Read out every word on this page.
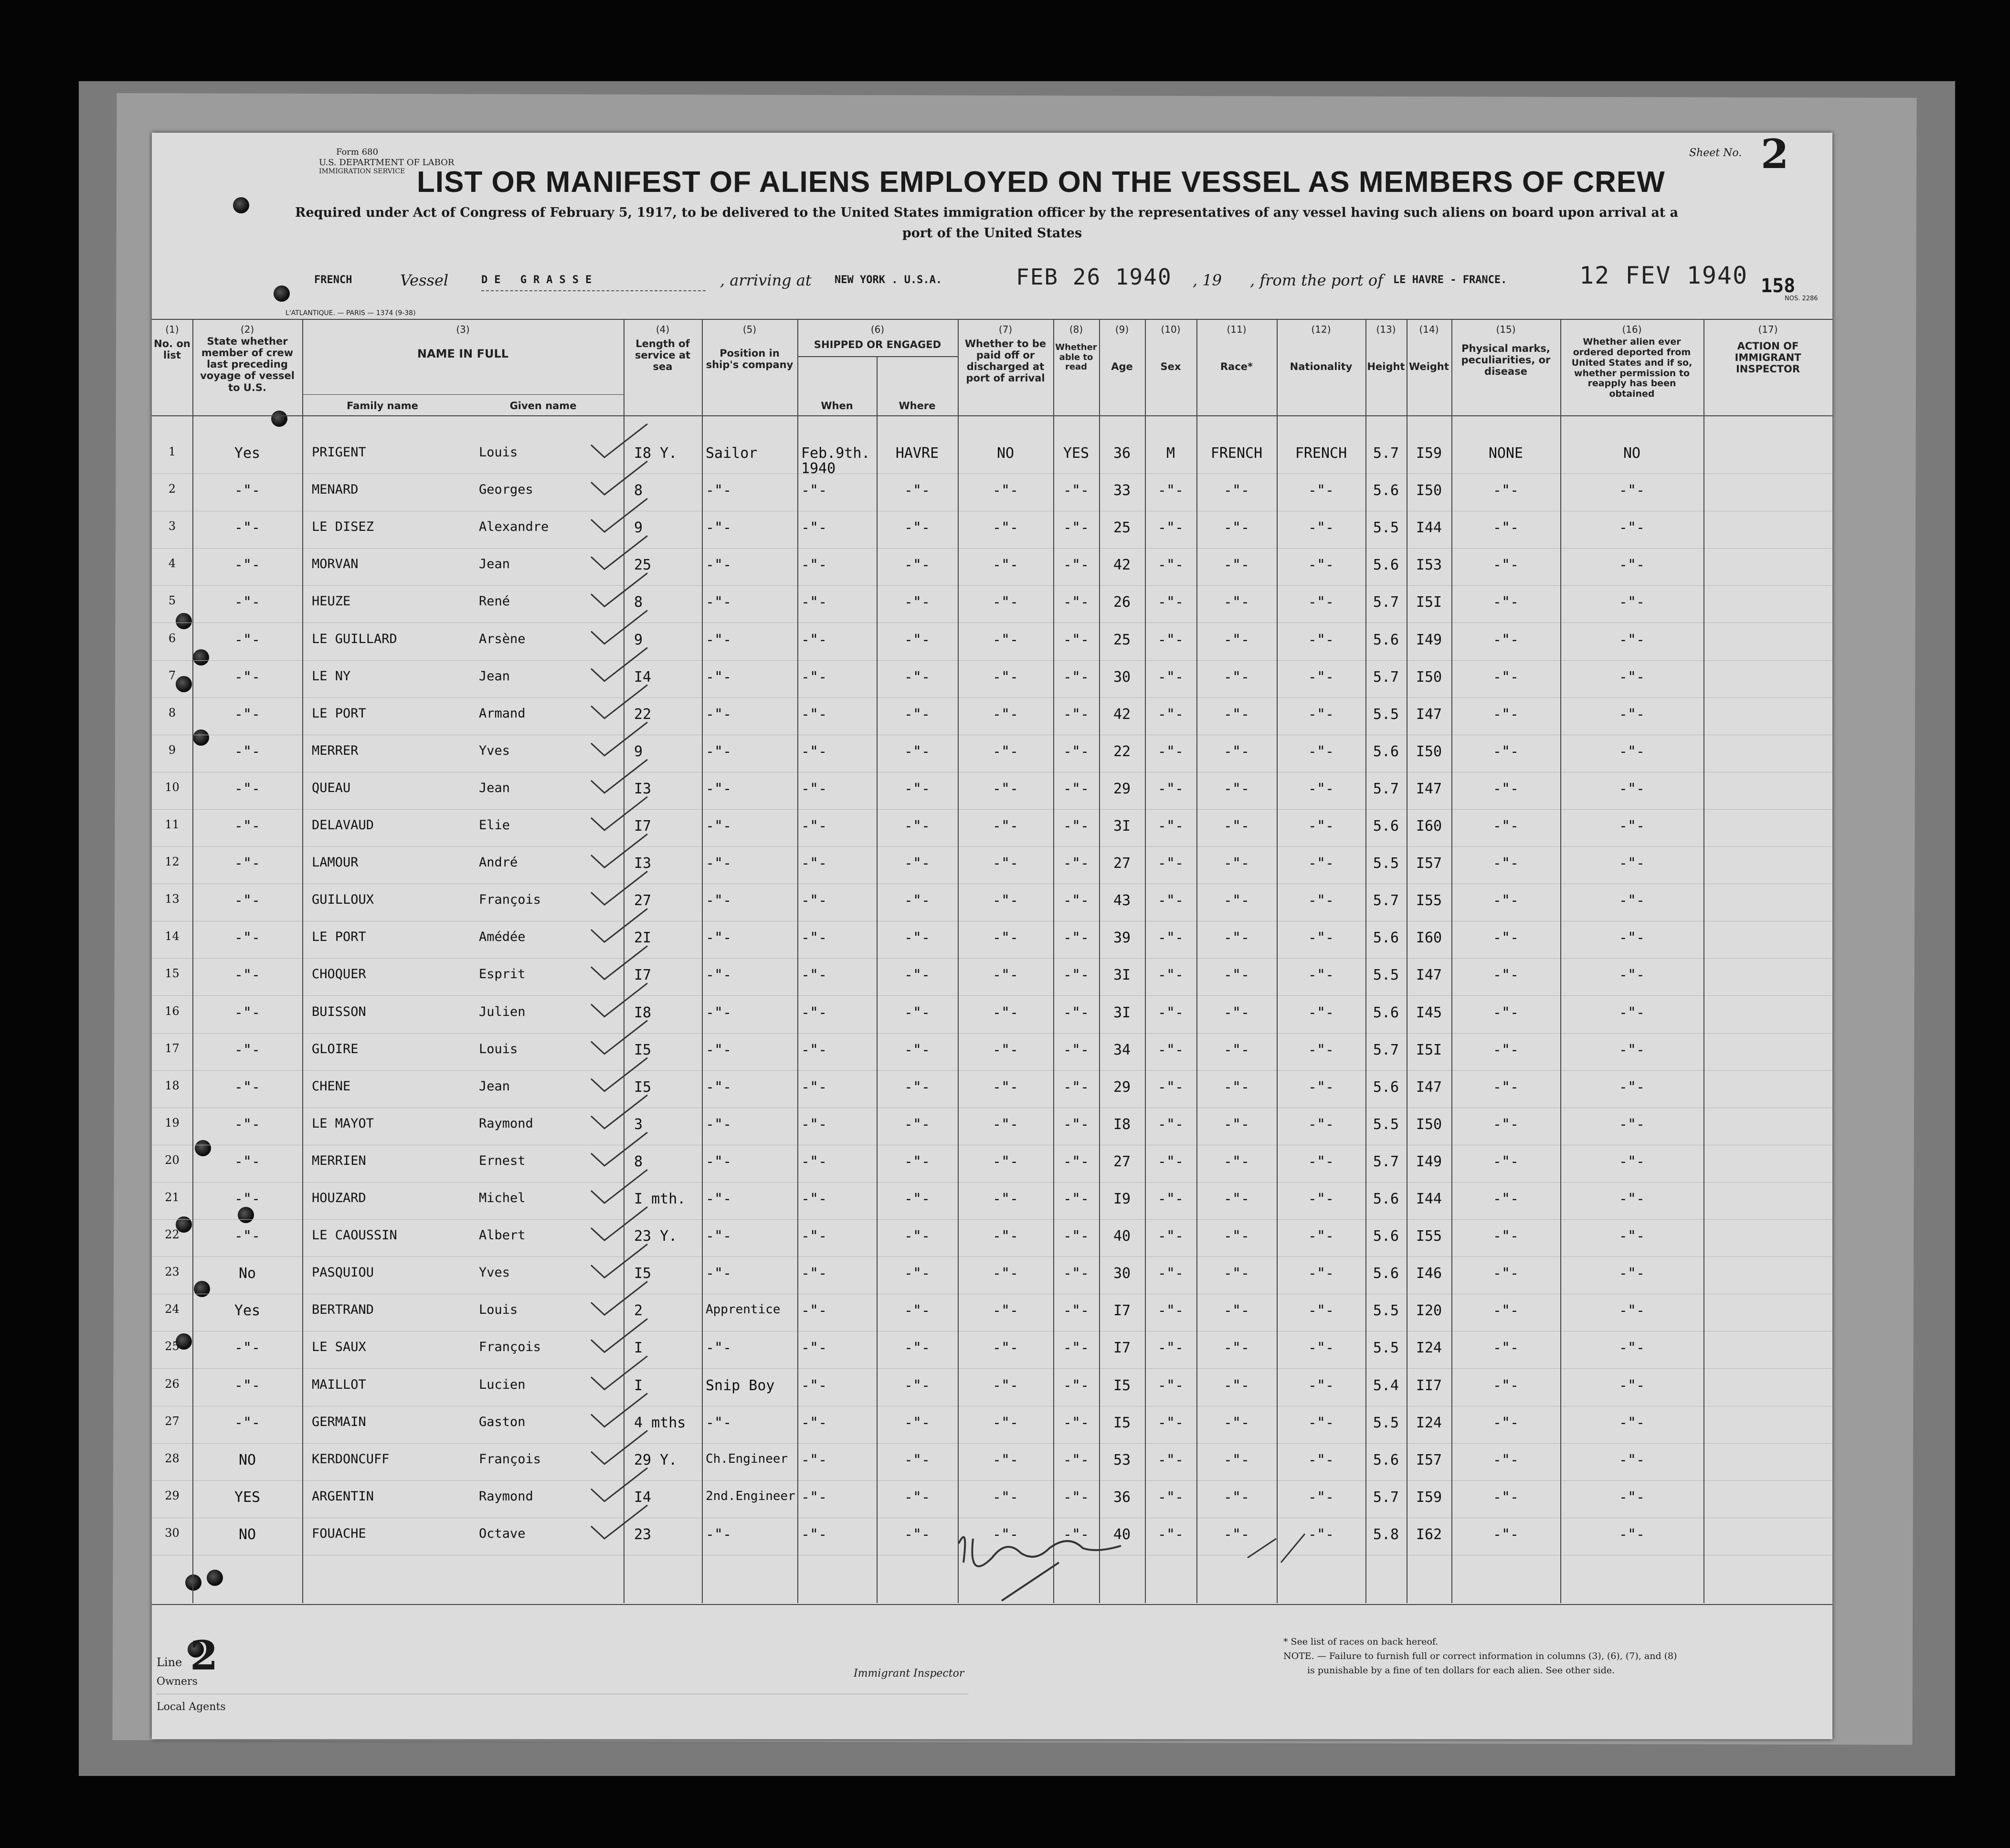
Form 680
U.S. DEPARTMENT OF LABOR
IMMIGRATION SERVICE
Sheet No. 2
LIST OR MANIFEST OF ALIENS EMPLOYED ON THE VESSEL AS MEMBERS OF CREW
Required under Act of Congress of February 5, 1917, to be delivered to the United States immigration officer by the representatives of any vessel having such aliens on board upon arrival at a
port of the United States
FRENCH	Vessel	DE GRASSE	, arriving at NEW YORK . U.S.A.	FEB 26 1940 , 19 , from the port of LE HAVRE - FRANCE.	12 FEV 1940 158
NOS. 2286
L'ATLANTIQUE. — PARIS — 1374 (9-38)
(1)
No. on list
(2)
State whether member of crew last preceding voyage of vessel to U.S.
(3)
NAME IN FULL
Family name	Given name
(4)
Length of service at sea
(5)
Position in ship's company
(6)
SHIPPED OR ENGAGED
When	Where
(7)
Whether to be paid off or discharged at port of arrival
(8)
Whether able to read
(9)
Age
(10)
Sex
(11)
Race*
(12)
Nationality
(13)
Height
(14)
Weight
(15)
Physical marks, peculiarities, or disease
(16)
Whether alien ever ordered deported from United States and if so, whether permission to reapply has been obtained
(17)
ACTION OF IMMIGRANT INSPECTOR
1	Yes	PRIGENT	Louis	I8 Y.	Sailor	Feb.9th.
1940
HAVRE	NO	YES	36	M	FRENCH	FRENCH	5.7	I59	NONE	NO
2	-"-	MENARD	Georges	8	-"-	-"-	-"-	-"-	-"-	33	-"-	-"-	-"-	5.6	I50	-"-	-"-
3	-"-	LE DISEZ	Alexandre	9	-"-	-"-	-"-	-"-	-"-	25	-"-	-"-	-"-	5.5	I44	-"-	-"-
4	-"-	MORVAN	Jean	25	-"-	-"-	-"-	-"-	-"-	42	-"-	-"-	-"-	5.6	I53	-"-	-"-
5	-"-	HEUZE	René	8	-"-	-"-	-"-	-"-	-"-	26	-"-	-"-	-"-	5.7	I5I	-"-	-"-
6	-"-	LE GUILLARD	Arsène	9	-"-	-"-	-"-	-"-	-"-	25	-"-	-"-	-"-	5.6	I49	-"-	-"-
7	-"-	LE NY	Jean	I4	-"-	-"-	-"-	-"-	-"-	30	-"-	-"-	-"-	5.7	I50	-"-	-"-
8	-"-	LE PORT	Armand	22	-"-	-"-	-"-	-"-	-"-	42	-"-	-"-	-"-	5.5	I47	-"-	-"-
9	-"-	MERRER	Yves	9	-"-	-"-	-"-	-"-	-"-	22	-"-	-"-	-"-	5.6	I50	-"-	-"-
10	-"-	QUEAU	Jean	I3	-"-	-"-	-"-	-"-	-"-	29	-"-	-"-	-"-	5.7	I47	-"-	-"-
11	-"-	DELAVAUD	Elie	I7	-"-	-"-	-"-	-"-	-"-	3I	-"-	-"-	-"-	5.6	I60	-"-	-"-
12	-"-	LAMOUR	André	I3	-"-	-"-	-"-	-"-	-"-	27	-"-	-"-	-"-	5.5	I57	-"-	-"-
13	-"-	GUILLOUX	François	27	-"-	-"-	-"-	-"-	-"-	43	-"-	-"-	-"-	5.7	I55	-"-	-"-
14	-"-	LE PORT	Amédée	2I	-"-	-"-	-"-	-"-	-"-	39	-"-	-"-	-"-	5.6	I60	-"-	-"-
15	-"-	CHOQUER	Esprit	I7	-"-	-"-	-"-	-"-	-"-	3I	-"-	-"-	-"-	5.5	I47	-"-	-"-
16	-"-	BUISSON	Julien	I8	-"-	-"-	-"-	-"-	-"-	3I	-"-	-"-	-"-	5.6	I45	-"-	-"-
17	-"-	GLOIRE	Louis	I5	-"-	-"-	-"-	-"-	-"-	34	-"-	-"-	-"-	5.7	I5I	-"-	-"-
18	-"-	CHENE	Jean	I5	-"-	-"-	-"-	-"-	-"-	29	-"-	-"-	-"-	5.6	I47	-"-	-"-
19	-"-	LE MAYOT	Raymond	3	-"-	-"-	-"-	-"-	-"-	I8	-"-	-"-	-"-	5.5	I50	-"-	-"-
20	-"-	MERRIEN	Ernest	8	-"-	-"-	-"-	-"-	-"-	27	-"-	-"-	-"-	5.7	I49	-"-	-"-
21	-"-	HOUZARD	Michel	I mth.	-"-	-"-	-"-	-"-	-"-	I9	-"-	-"-	-"-	5.6	I44	-"-	-"-
22	-"-	LE CAOUSSIN	Albert	23 Y.	-"-	-"-	-"-	-"-	-"-	40	-"-	-"-	-"-	5.6	I55	-"-	-"-
23	No	PASQUIOU	Yves	I5	-"-	-"-	-"-	-"-	-"-	30	-"-	-"-	-"-	5.6	I46	-"-	-"-
24	Yes	BERTRAND	Louis	2	Apprentice	-"-	-"-	-"-	-"-	I7	-"-	-"-	-"-	5.5	I20	-"-	-"-
25	-"-	LE SAUX	François	I	-"-	-"-	-"-	-"-	-"-	I7	-"-	-"-	-"-	5.5	I24	-"-	-"-
26	-"-	MAILLOT	Lucien	I	Snip Boy	-"-	-"-	-"-	-"-	I5	-"-	-"-	-"-	5.4	II7	-"-	-"-
27	-"-	GERMAIN	Gaston	4 mths	-"-	-"-	-"-	-"-	-"-	I5	-"-	-"-	-"-	5.5	I24	-"-	-"-
28	NO	KERDONCUFF	François	29 Y.	Ch.Engineer -"-	-"-	-"-	-"-	53	-"-	-"-	-"-	5.6	I57	-"-	-"-
29	YES	ARGENTIN	Raymond	I4	2nd.Engineer -"-	-"-	-"-	-"-	36	-"-	-"-	-"-	5.7	I59	-"-	-"-
30	NO	FOUACHE	Octave	23	-"-	-"-	-"-	-"-	-"-	40	-"-	-"-	-"-	5.8	I62	-"-	-"-
Line 2
Owners
Local Agents
Immigrant Inspector
* See list of races on back hereof.
NOTE. — Failure to furnish full or correct information in columns (3), (6), (7), and (8)
is punishable by a fine of ten dollars for each alien. See other side.
